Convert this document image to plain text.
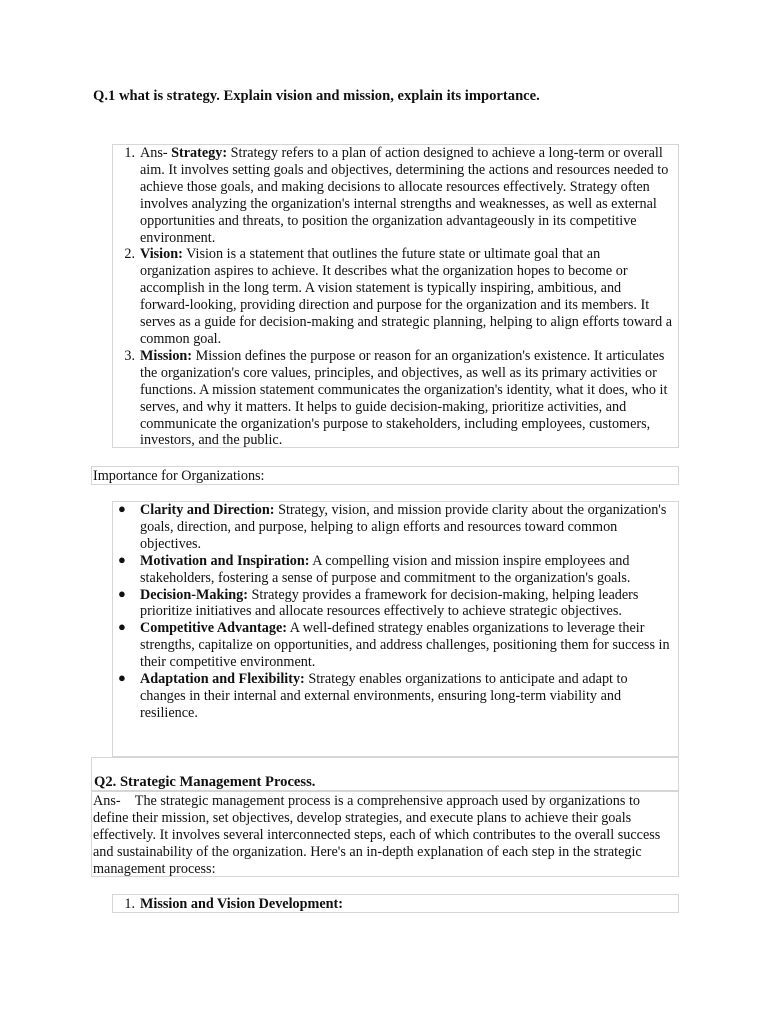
Q.1 what is strategy. Explain vision and mission, explain its importance.
1. Ans- Strategy: Strategy refers to a plan of action designed to achieve a long-term or overall aim. It involves setting goals and objectives, determining the actions and resources needed to achieve those goals, and making decisions to allocate resources effectively. Strategy often involves analyzing the organization's internal strengths and weaknesses, as well as external opportunities and threats, to position the organization advantageously in its competitive environment.
2. Vision: Vision is a statement that outlines the future state or ultimate goal that an organization aspires to achieve. It describes what the organization hopes to become or accomplish in the long term. A vision statement is typically inspiring, ambitious, and forward-looking, providing direction and purpose for the organization and its members. It serves as a guide for decision-making and strategic planning, helping to align efforts toward a common goal.
3. Mission: Mission defines the purpose or reason for an organization's existence. It articulates the organization's core values, principles, and objectives, as well as its primary activities or functions. A mission statement communicates the organization's identity, what it does, who it serves, and why it matters. It helps to guide decision-making, prioritize activities, and communicate the organization's purpose to stakeholders, including employees, customers, investors, and the public.
Importance for Organizations:
● Clarity and Direction: Strategy, vision, and mission provide clarity about the organization's goals, direction, and purpose, helping to align efforts and resources toward common objectives.
● Motivation and Inspiration: A compelling vision and mission inspire employees and stakeholders, fostering a sense of purpose and commitment to the organization's goals.
● Decision-Making: Strategy provides a framework for decision-making, helping leaders prioritize initiatives and allocate resources effectively to achieve strategic objectives.
● Competitive Advantage: A well-defined strategy enables organizations to leverage their strengths, capitalize on opportunities, and address challenges, positioning them for success in their competitive environment.
● Adaptation and Flexibility: Strategy enables organizations to anticipate and adapt to changes in their internal and external environments, ensuring long-term viability and resilience.
Q2. Strategic Management Process.
Ans- The strategic management process is a comprehensive approach used by organizations to define their mission, set objectives, develop strategies, and execute plans to achieve their goals effectively. It involves several interconnected steps, each of which contributes to the overall success and sustainability of the organization. Here's an in-depth explanation of each step in the strategic management process:
1. Mission and Vision Development:
